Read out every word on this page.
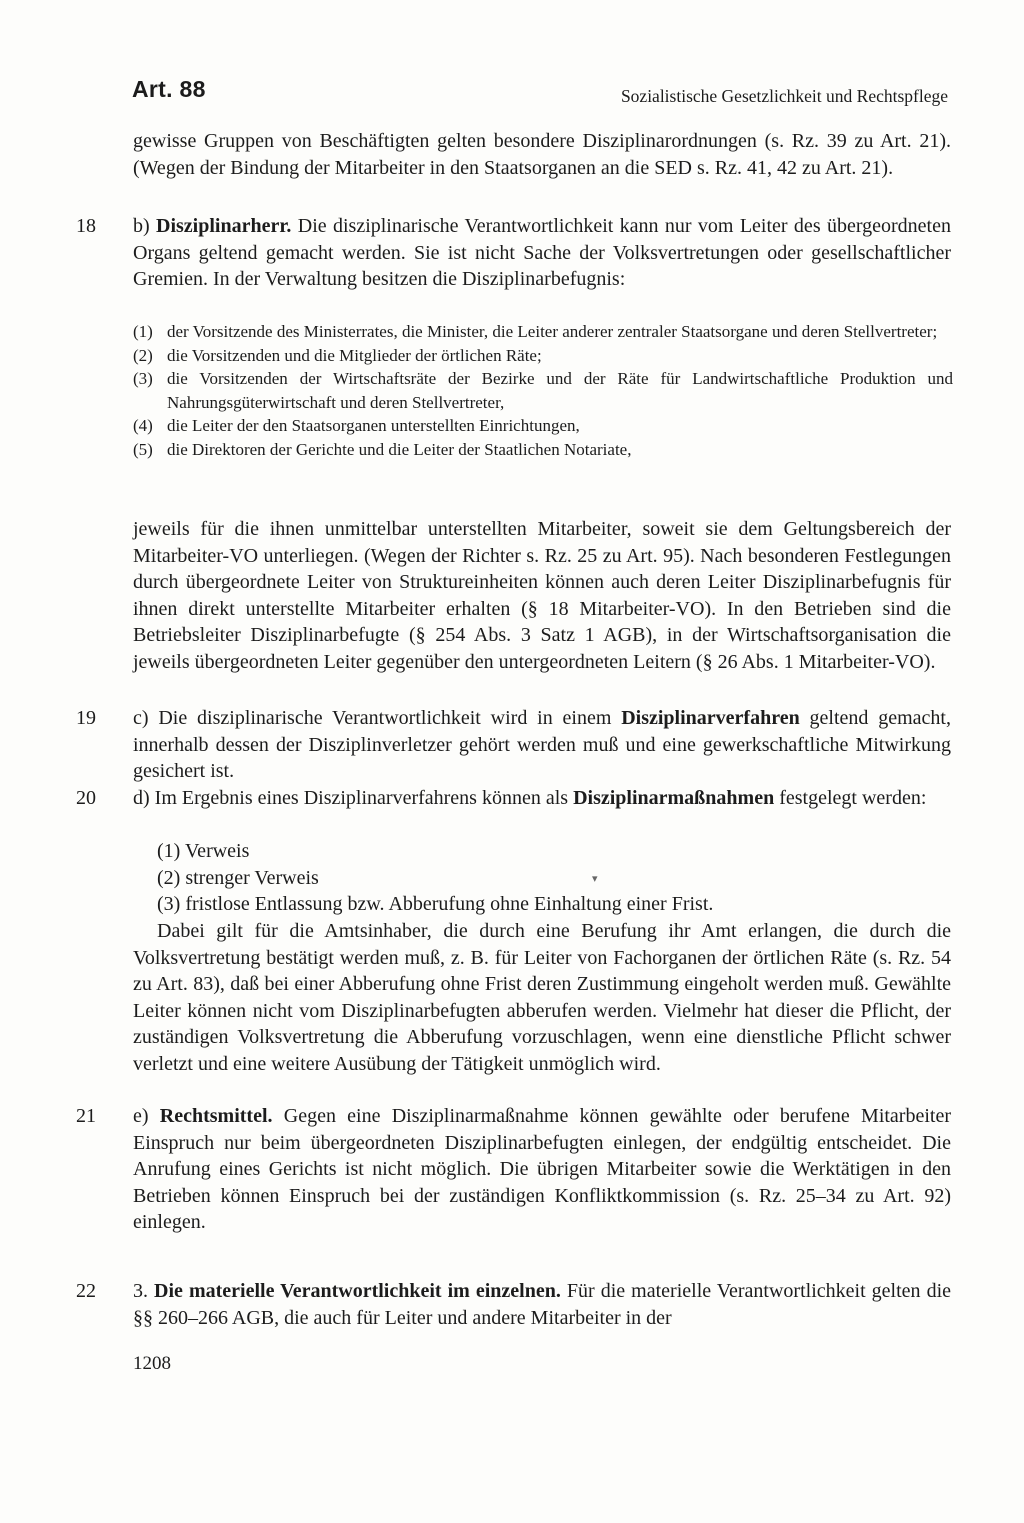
Art. 88	Sozialistische Gesetzlichkeit und Rechtspflege

gewisse Gruppen von Beschäftigten gelten besondere Disziplinarordnungen (s. Rz. 39 zu Art. 21). (Wegen der Bindung der Mitarbeiter in den Staatsorganen an die SED s. Rz. 41, 42 zu Art. 21).

18 b) Disziplinarherr. Die disziplinarische Verantwortlichkeit kann nur vom Leiter des übergeordneten Organs geltend gemacht werden. Sie ist nicht Sache der Volksvertretungen oder gesellschaftlicher Gremien. In der Verwaltung besitzen die Disziplinarbefugnis:

(1) der Vorsitzende des Ministerrates, die Minister, die Leiter anderer zentraler Staatsorgane und deren Stellvertreter;
(2) die Vorsitzenden und die Mitglieder der örtlichen Räte;
(3) die Vorsitzenden der Wirtschaftsräte der Bezirke und der Räte für Landwirtschaftliche Produktion und Nahrungsgüterwirtschaft und deren Stellvertreter,
(4) die Leiter der den Staatsorganen unterstellten Einrichtungen,
(5) die Direktoren der Gerichte und die Leiter der Staatlichen Notariate,

jeweils für die ihnen unmittelbar unterstellten Mitarbeiter, soweit sie dem Geltungsbereich der Mitarbeiter-VO unterliegen. (Wegen der Richter s. Rz. 25 zu Art. 95). Nach besonderen Festlegungen durch übergeordnete Leiter von Struktureinheiten können auch deren Leiter Disziplinarbefugnis für ihnen direkt unterstellte Mitarbeiter erhalten (§ 18 Mitarbeiter-VO). In den Betrieben sind die Betriebsleiter Disziplinarbefugte (§ 254 Abs. 3 Satz 1 AGB), in der Wirtschaftsorganisation die jeweils übergeordneten Leiter gegenüber den untergeordneten Leitern (§ 26 Abs. 1 Mitarbeiter-VO).

19 c) Die disziplinarische Verantwortlichkeit wird in einem Disziplinarverfahren geltend gemacht, innerhalb dessen der Disziplinverletzer gehört werden muß und eine gewerkschaftliche Mitwirkung gesichert ist.

20 d) Im Ergebnis eines Disziplinarverfahrens können als Disziplinarmaßnahmen festgelegt werden:

(1) Verweis
(2) strenger Verweis
(3) fristlose Entlassung bzw. Abberufung ohne Einhaltung einer Frist.
▾

Dabei gilt für die Amtsinhaber, die durch eine Berufung ihr Amt erlangen, die durch die Volksvertretung bestätigt werden muß, z. B. für Leiter von Fachorganen der örtlichen Räte (s. Rz. 54 zu Art. 83), daß bei einer Abberufung ohne Frist deren Zustimmung eingeholt werden muß. Gewählte Leiter können nicht vom Disziplinarbefugten abberufen werden. Vielmehr hat dieser die Pflicht, der zuständigen Volksvertretung die Abberufung vorzuschlagen, wenn eine dienstliche Pflicht schwer verletzt und eine weitere Ausübung der Tätigkeit unmöglich wird.

21 e) Rechtsmittel. Gegen eine Disziplinarmaßnahme können gewählte oder berufene Mitarbeiter Einspruch nur beim übergeordneten Disziplinarbefugten einlegen, der endgültig entscheidet. Die Anrufung eines Gerichts ist nicht möglich. Die übrigen Mitarbeiter sowie die Werktätigen in den Betrieben können Einspruch bei der zuständigen Konfliktkommission (s. Rz. 25–34 zu Art. 92) einlegen.

22 3. Die materielle Verantwortlichkeit im einzelnen. Für die materielle Verantwortlichkeit gelten die §§ 260–266 AGB, die auch für Leiter und andere Mitarbeiter in der

1208
